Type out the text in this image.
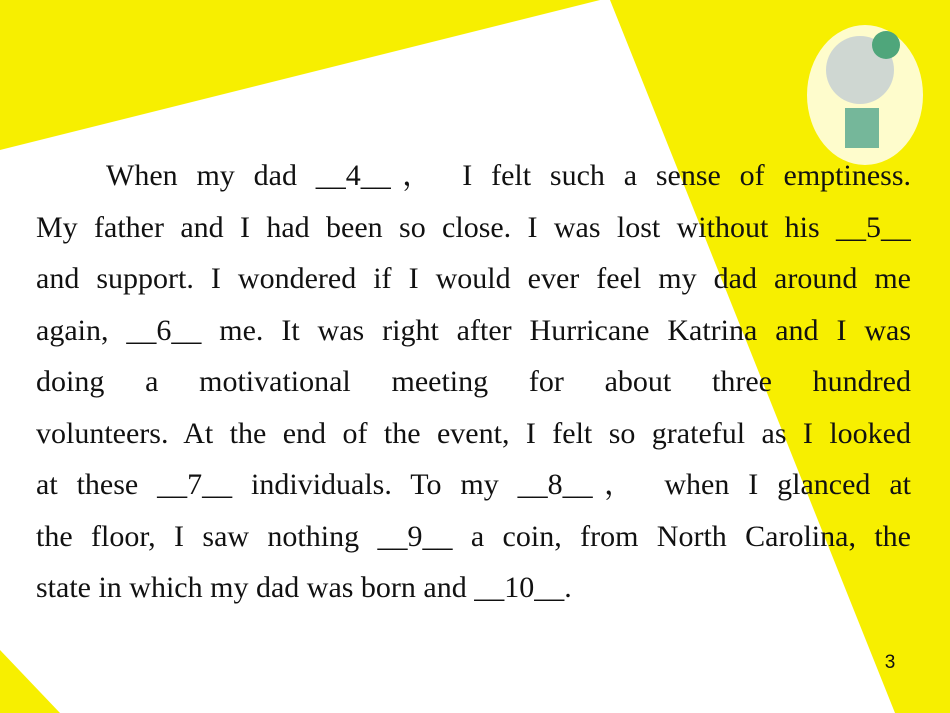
When my dad __4__， I felt such a sense of emptiness.
My father and I had been so close. I was lost without his __5__
and support. I wondered if I would ever feel my dad around me
again, __6__ me. It was right after Hurricane Katrina and I was
doing a motivational meeting for about three hundred
volunteers. At the end of the event, I felt so grateful as I looked
at these __7__ individuals. To my __8__， when I glanced at
the floor, I saw nothing __9__ a coin, from North Carolina, the
state in which my dad was born and __10__.
3
